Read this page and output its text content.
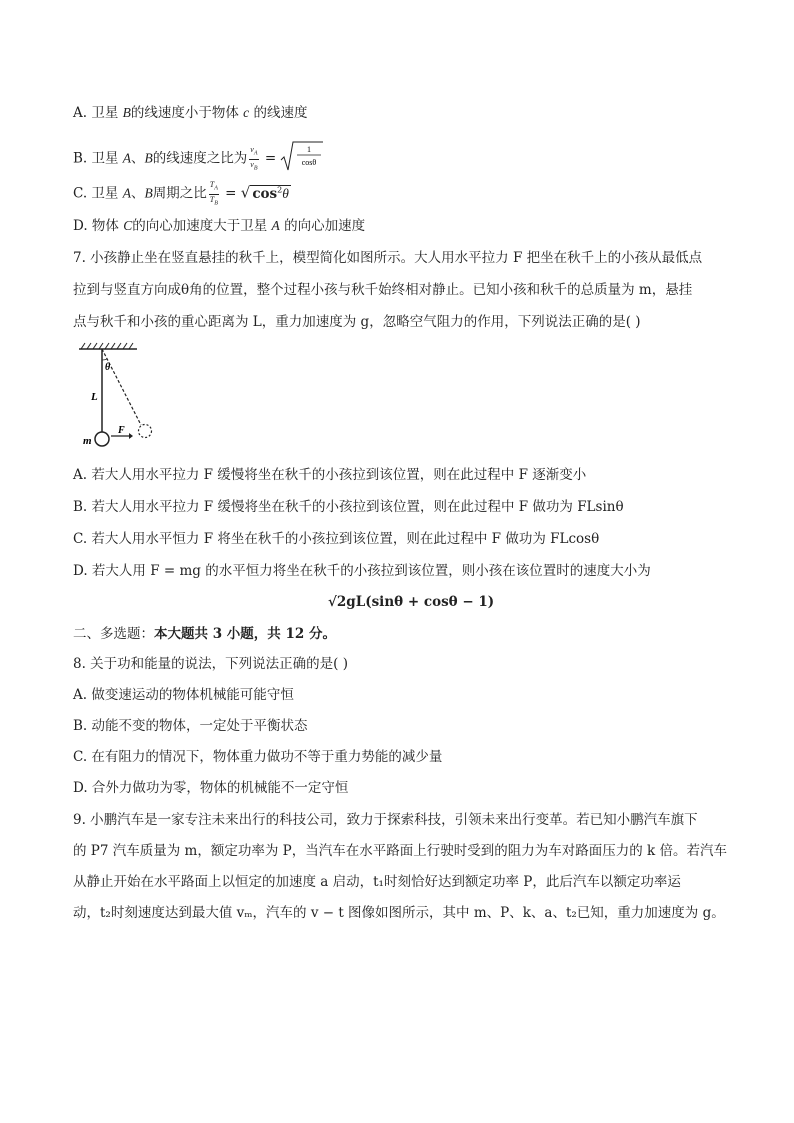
A. 卫星 B的线速度小于物体 c 的线速度
B. 卫星 A、B的线速度之比为 $\frac{v_A}{v_B}$ =
1
cosθ
C. 卫星 A、B周期之比 $\frac{T_A}{T_B}$ = √ $\cos^2\theta$
D. 物体 C的向心加速度大于卫星 A 的向心加速度
7. 小孩静止坐在竖直悬挂的秋千上，模型简化如图所示。大人用水平拉力 F 把坐在秋千上的小孩从最低点
拉到与竖直方向成θ角的位置，整个过程小孩与秋千始终相对静止。已知小孩和秋千的总质量为 m，悬挂
点与秋千和小孩的重心距离为 L，重力加速度为 g，忽略空气阻力的作用，下列说法正确的是( )
θ
L
m
F
A. 若大人用水平拉力 F 缓慢将坐在秋千的小孩拉到该位置，则在此过程中 F 逐渐变小
B. 若大人用水平拉力 F 缓慢将坐在秋千的小孩拉到该位置，则在此过程中 F 做功为 FLsinθ
C. 若大人用水平恒力 F 将坐在秋千的小孩拉到该位置，则在此过程中 F 做功为 FLcosθ
D. 若大人用 F = mg 的水平恒力将坐在秋千的小孩拉到该位置，则小孩在该位置时的速度大小为
√2gL(sinθ + cosθ − 1)
二、多选题：本大题共 3 小题，共 12 分。
8. 关于功和能量的说法，下列说法正确的是( )
A. 做变速运动的物体机械能可能守恒
B. 动能不变的物体，一定处于平衡状态
C. 在有阻力的情况下，物体重力做功不等于重力势能的减少量
D. 合外力做功为零，物体的机械能不一定守恒
9. 小鹏汽车是一家专注未来出行的科技公司，致力于探索科技，引领未来出行变革。若已知小鹏汽车旗下
的 P7 汽车质量为 m，额定功率为 P，当汽车在水平路面上行驶时受到的阻力为车对路面压力的 k 倍。若汽车
从静止开始在水平路面上以恒定的加速度 a 启动，t₁时刻恰好达到额定功率 P，此后汽车以额定功率运
动，t₂时刻速度达到最大值 vₘ，汽车的 v − t 图像如图所示，其中 m、P、k、a、t₂已知，重力加速度为 g。
